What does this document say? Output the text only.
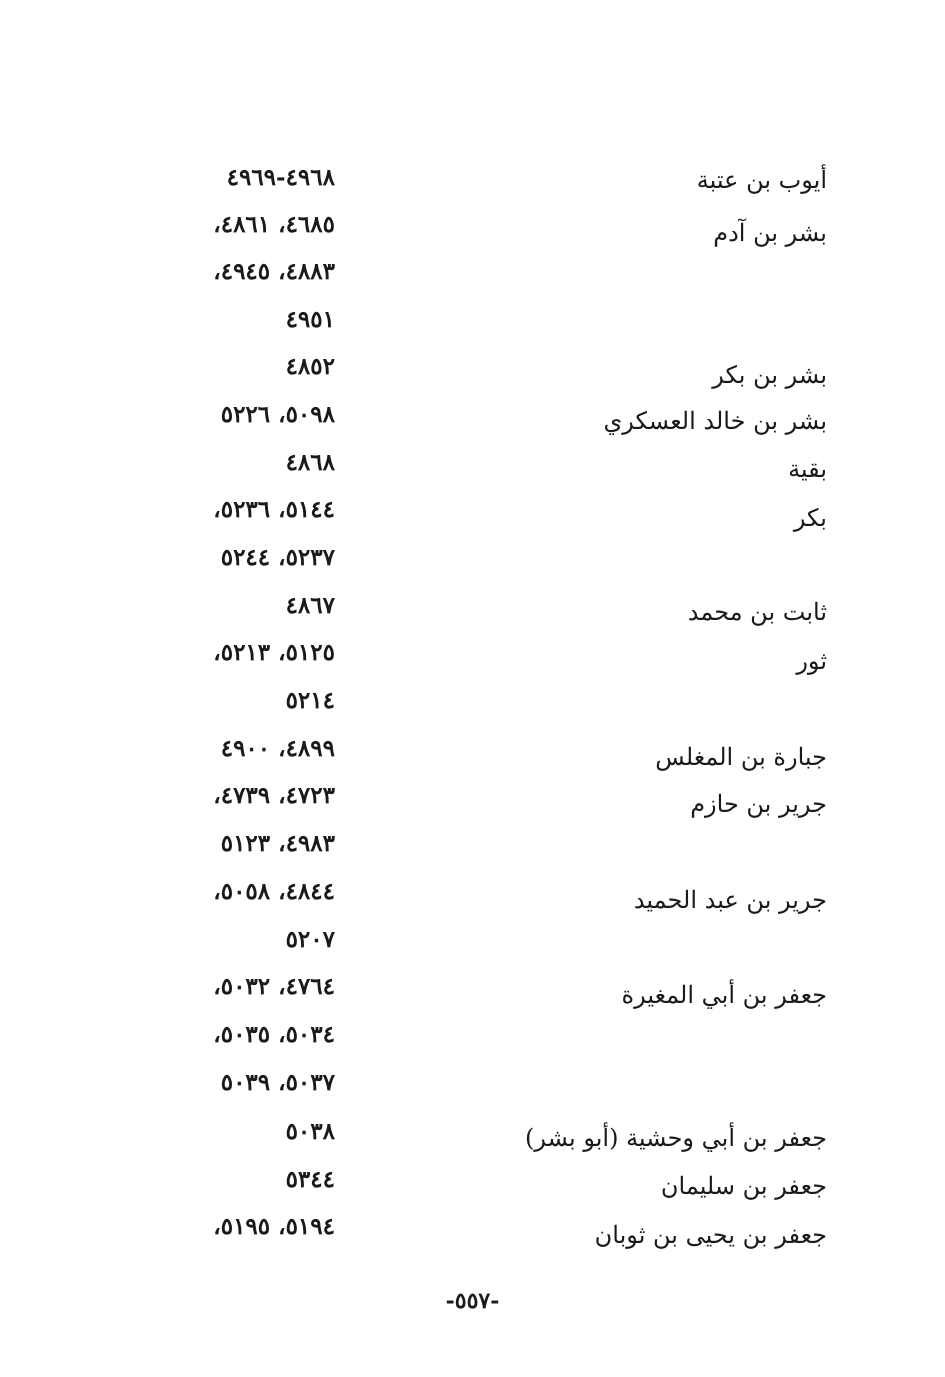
أيوب بن عتبة
٤٩٦٨-٤٩٦٩
بشر بن آدم
٤٦٨٥، ٤٨٦١،
٤٨٨٣، ٤٩٤٥،
٤٩٥١
بشر بن بكر
٤٨٥٢
بشر بن خالد العسكري
٥٠٩٨، ٥٢٢٦
بقية
٤٨٦٨
بكر
٥١٤٤، ٥٢٣٦،
٥٢٣٧، ٥٢٤٤
ثابت بن محمد
٤٨٦٧
ثور
٥١٢٥، ٥٢١٣،
٥٢١٤
جبارة بن المغلس
٤٨٩٩، ٤٩٠٠
جرير بن حازم
٤٧٢٣، ٤٧٣٩،
٤٩٨٣، ٥١٢٣
جرير بن عبد الحميد
٤٨٤٤، ٥٠٥٨،
٥٢٠٧
جعفر بن أبي المغيرة
٤٧٦٤، ٥٠٣٢،
٥٠٣٤، ٥٠٣٥،
٥٠٣٧، ٥٠٣٩
جعفر بن أبي وحشية (أبو بشر)
٥٠٣٨
جعفر بن سليمان
٥٣٤٤
جعفر بن يحيى بن ثوبان
٥١٩٤، ٥١٩٥،
-٥٥٧-
